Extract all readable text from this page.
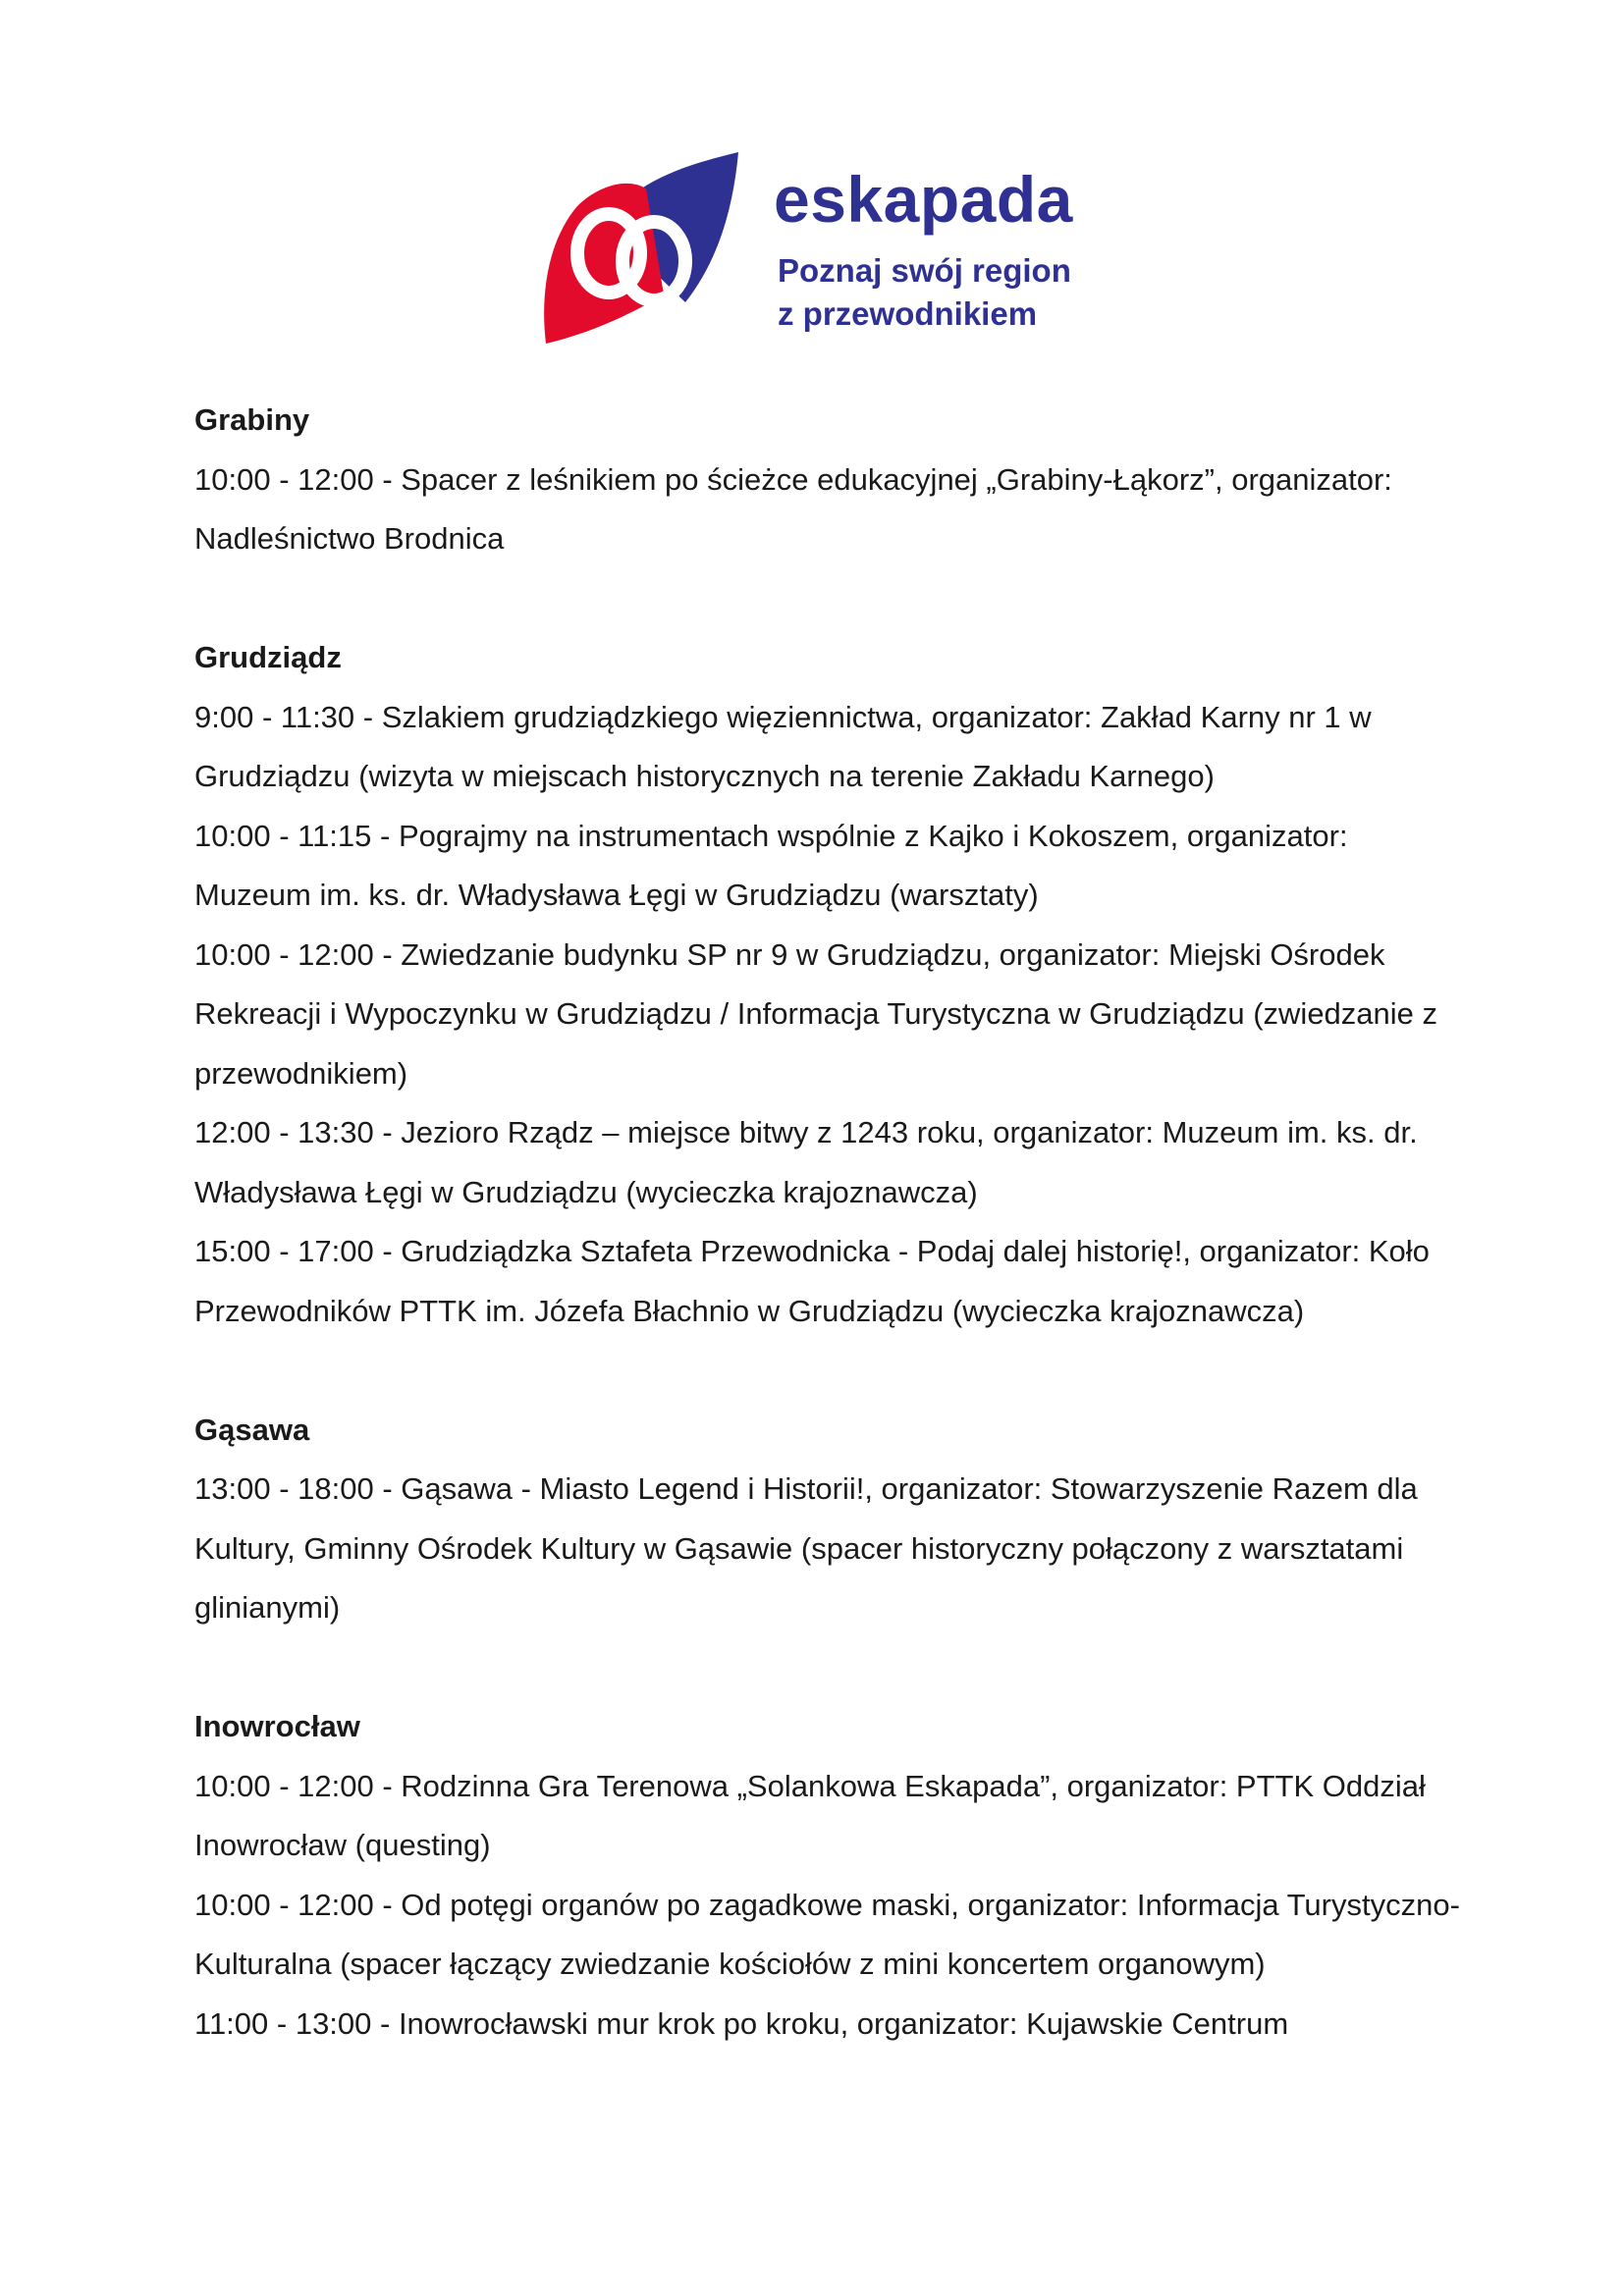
eskapada
Poznaj swój region
z przewodnikiem

Grabiny

10:00 - 12:00 - Spacer z leśnikiem po ścieżce edukacyjnej „Grabiny-Łąkorz”, organizator: Nadleśnictwo Brodnica

Grudziądz

9:00 - 11:30 - Szlakiem grudziądzkiego więziennictwa, organizator: Zakład Karny nr 1 w Grudziądzu (wizyta w miejscach historycznych na terenie Zakładu Karnego)

10:00 - 11:15 - Pograjmy na instrumentach wspólnie z Kajko i Kokoszem, organizator: Muzeum im. ks. dr. Władysława Łęgi w Grudziądzu (warsztaty)

10:00 - 12:00 - Zwiedzanie budynku SP nr 9 w Grudziądzu, organizator: Miejski Ośrodek Rekreacji i Wypoczynku w Grudziądzu / Informacja Turystyczna w Grudziądzu (zwiedzanie z przewodnikiem)

12:00 - 13:30 - Jezioro Rządz – miejsce bitwy z 1243 roku, organizator: Muzeum im. ks. dr. Władysława Łęgi w Grudziądzu (wycieczka krajoznawcza)

15:00 - 17:00 - Grudziądzka Sztafeta Przewodnicka - Podaj dalej historię!, organizator: Koło Przewodników PTTK im. Józefa Błachnio w Grudziądzu (wycieczka krajoznawcza)

Gąsawa

13:00 - 18:00 - Gąsawa - Miasto Legend i Historii!, organizator: Stowarzyszenie Razem dla Kultury, Gminny Ośrodek Kultury w Gąsawie (spacer historyczny połączony z warsztatami glinianymi)

Inowrocław

10:00 - 12:00 - Rodzinna Gra Terenowa „Solankowa Eskapada”, organizator: PTTK Oddział Inowrocław (questing)

10:00 - 12:00 - Od potęgi organów po zagadkowe maski, organizator: Informacja Turystyczno-Kulturalna (spacer łączący zwiedzanie kościołów z mini koncertem organowym)

11:00 - 13:00 - Inowrocławski mur krok po kroku, organizator: Kujawskie Centrum
